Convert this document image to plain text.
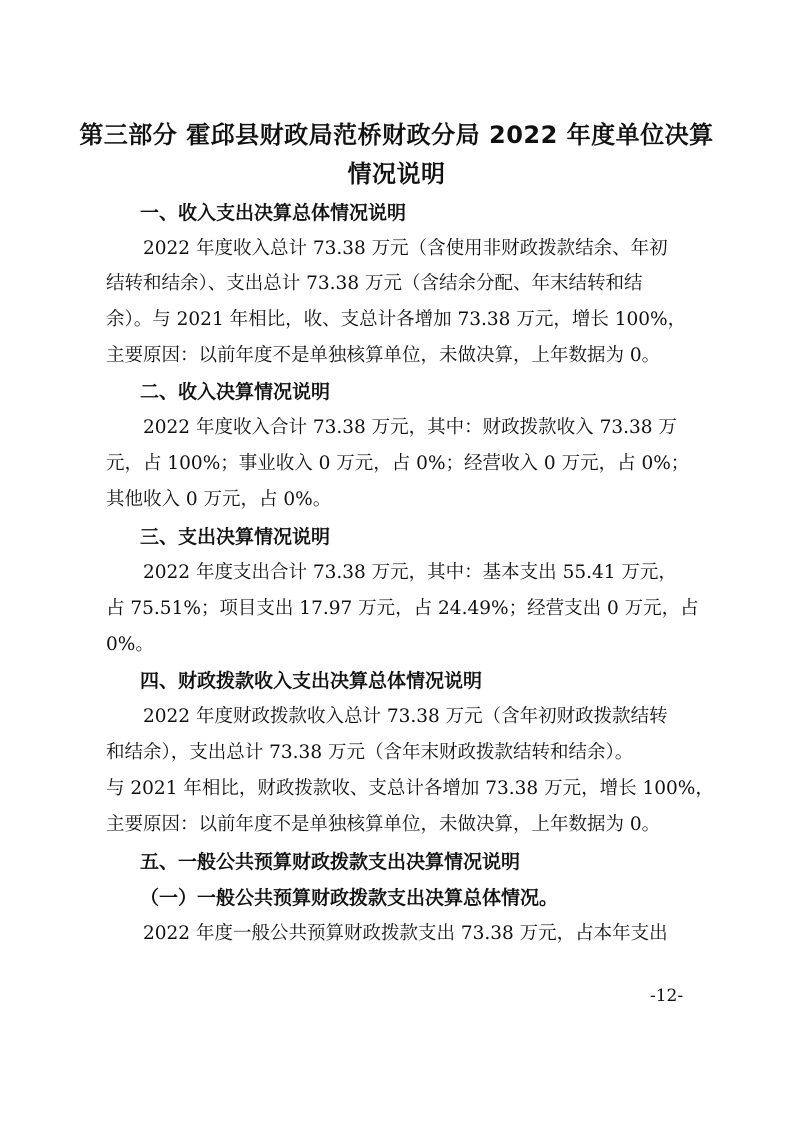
第三部分 霍邱县财政局范桥财政分局 2022 年度单位决算
情况说明
一、收入支出决算总体情况说明

2022 年度收入总计 73.38 万元（含使用非财政拨款结余、年初

结转和结余）、支出总计 73.38 万元（含结余分配、年末结转和结

余）。与 2021 年相比，收、支总计各增加 73.38 万元，增长 100%，

主要原因：以前年度不是单独核算单位，未做决算，上年数据为 0。

二、收入决算情况说明

2022 年度收入合计 73.38 万元，其中：财政拨款收入 73.38 万

元，占 100%；事业收入 0 万元，占 0%；经营收入 0 万元，占 0%；

其他收入 0 万元，占 0%。

三、支出决算情况说明

2022 年度支出合计 73.38 万元，其中：基本支出 55.41 万元，

占 75.51%；项目支出 17.97 万元，占 24.49%；经营支出 0 万元，占

0%。

四、财政拨款收入支出决算总体情况说明

2022 年度财政拨款收入总计 73.38 万元（含年初财政拨款结转

和结余），支出总计 73.38 万元（含年末财政拨款结转和结余）。

与 2021 年相比，财政拨款收、支总计各增加 73.38 万元，增长 100%，

主要原因：以前年度不是单独核算单位，未做决算，上年数据为 0。

五、一般公共预算财政拨款支出决算情况说明
（一）一般公共预算财政拨款支出决算总体情况。

2022 年度一般公共预算财政拨款支出 73.38 万元，占本年支出

-12-
